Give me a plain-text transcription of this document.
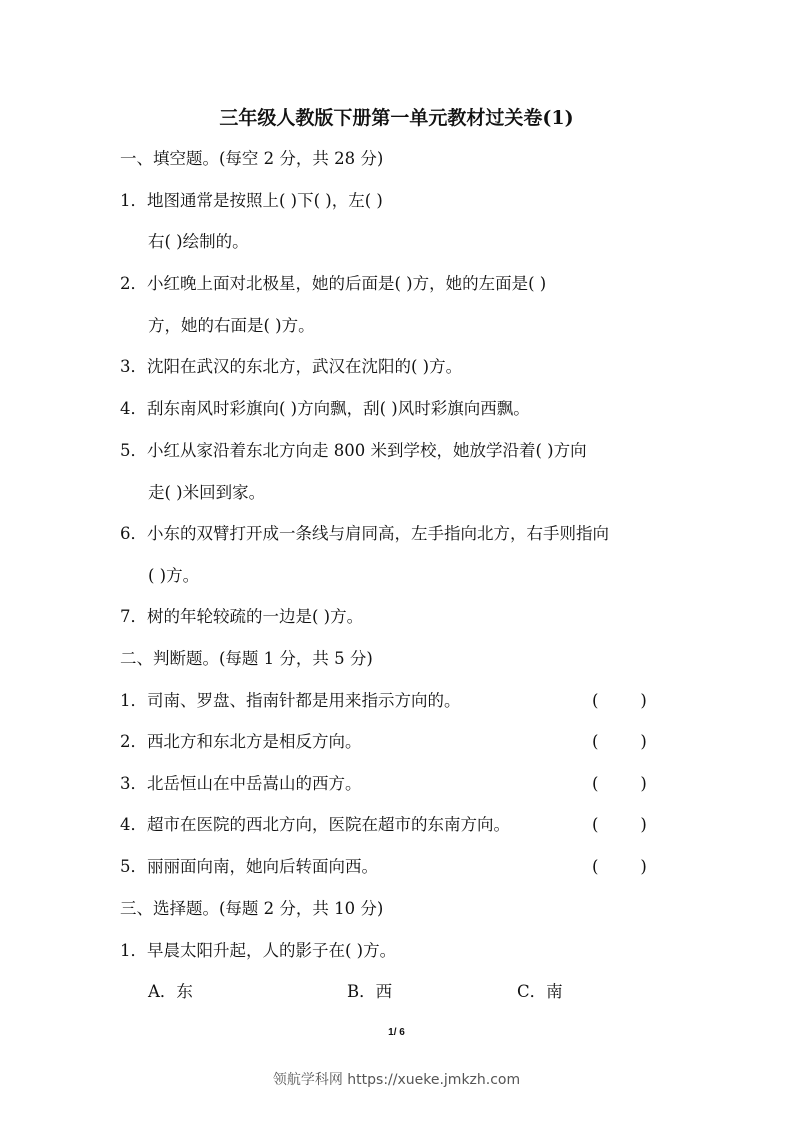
三年级人教版下册第一单元教材过关卷(1)
一、填空题。(每空 2 分，共 28 分)
1．地图通常是按照上( )下( )，左( )
右( )绘制的。
2．小红晚上面对北极星，她的后面是( )方，她的左面是( )
方，她的右面是( )方。
3．沈阳在武汉的东北方，武汉在沈阳的( )方。
4．刮东南风时彩旗向( )方向飘，刮( )风时彩旗向西飘。
5．小红从家沿着东北方向走 800 米到学校，她放学沿着( )方向
走( )米回到家。
6．小东的双臂打开成一条线与肩同高，左手指向北方，右手则指向
( )方。
7．树的年轮较疏的一边是( )方。
二、判断题。(每题 1 分，共 5 分)
1．司南、罗盘、指南针都是用来指示方向的。	(        )
2．西北方和东北方是相反方向。	(        )
3．北岳恒山在中岳嵩山的西方。	(        )
4．超市在医院的西北方向，医院在超市的东南方向。	(        )
5．丽丽面向南，她向后转面向西。	(        )
三、选择题。(每题 2 分，共 10 分)
1．早晨太阳升起，人的影子在( )方。
A．东	B．西	C．南
1/ 6
领航学科网 https://xueke.jmkzh.com
